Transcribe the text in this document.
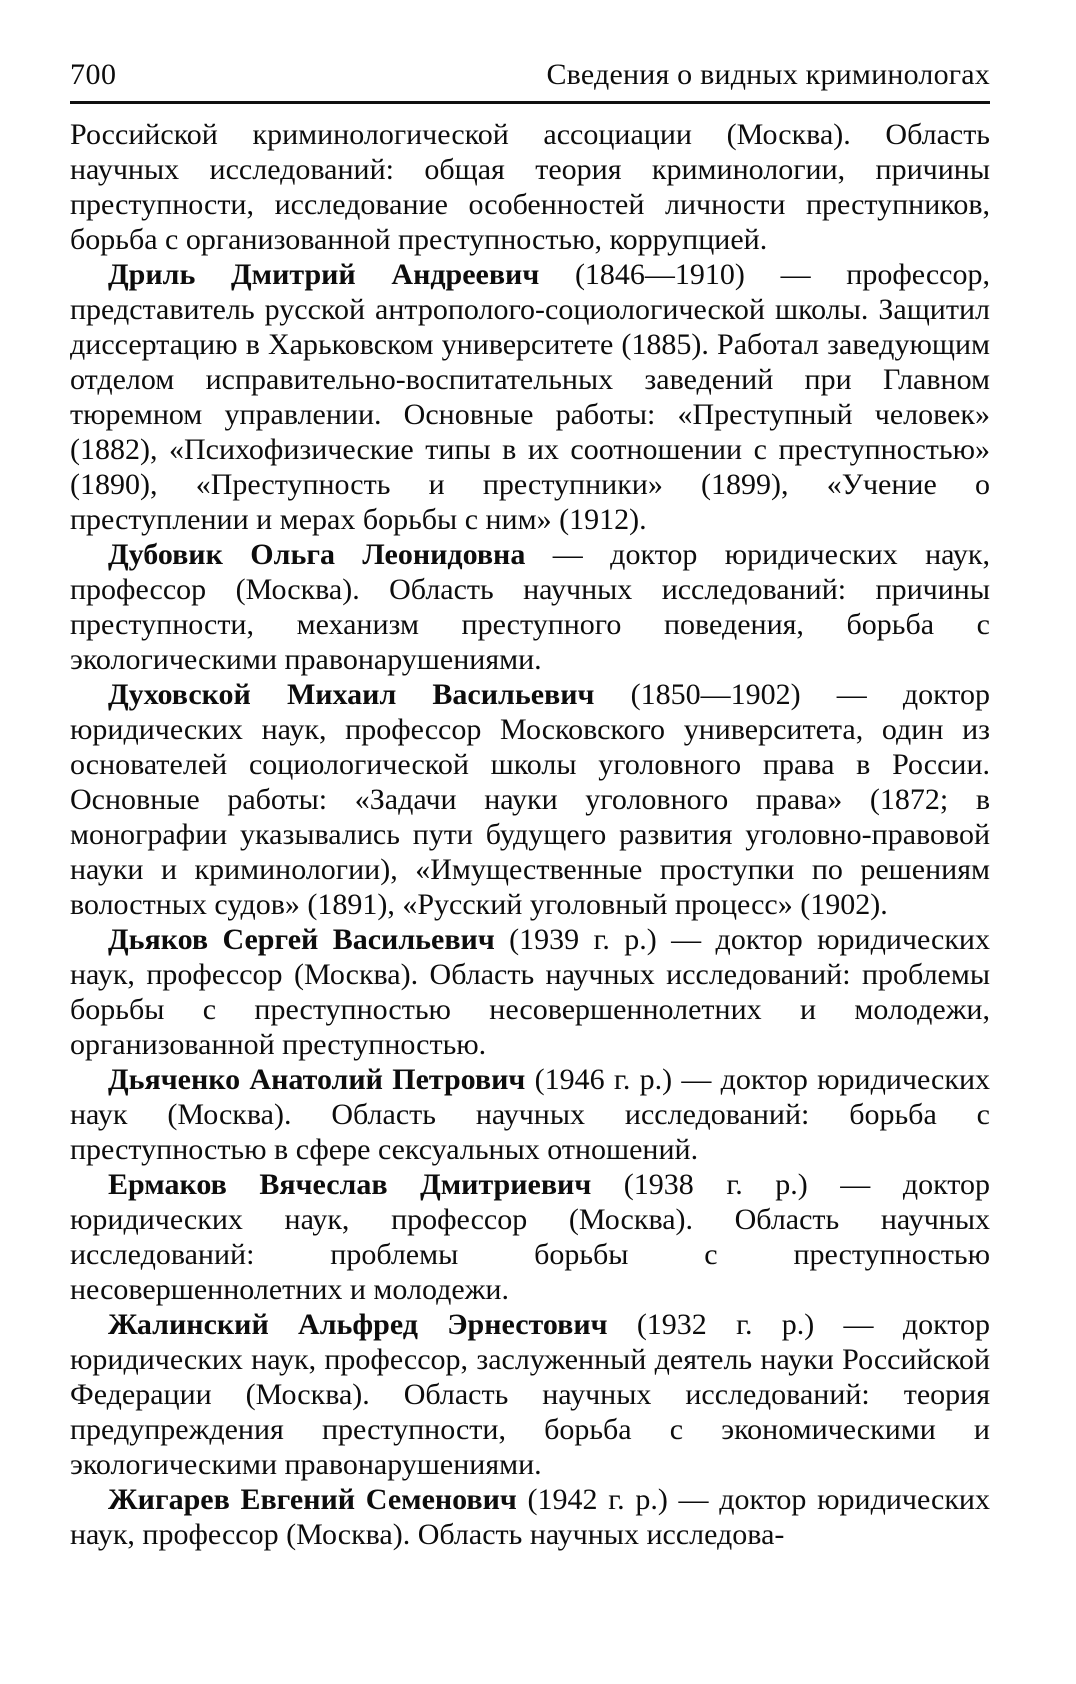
700	Сведения о видных криминологах

Российской криминологической ассоциации (Москва). Область научных исследований: общая теория криминологии, причины преступности, исследование особенностей личности преступников, борьба с организованной преступностью, коррупцией.

Дриль Дмитрий Андреевич (1846—1910) — профессор, представитель русской антрополого-социологической школы. Защитил диссертацию в Харьковском университете (1885). Работал заведующим отделом исправительно-воспитательных заведений при Главном тюремном управлении. Основные работы: «Преступный человек» (1882), «Психофизические типы в их соотношении с преступностью» (1890), «Преступность и преступники» (1899), «Учение о преступлении и мерах борьбы с ним» (1912).

Дубовик Ольга Леонидовна — доктор юридических наук, профессор (Москва). Область научных исследований: причины преступности, механизм преступного поведения, борьба с экологическими правонарушениями.

Духовской Михаил Васильевич (1850—1902) — доктор юридических наук, профессор Московского университета, один из основателей социологической школы уголовного права в России. Основные работы: «Задачи науки уголовного права» (1872; в монографии указывались пути будущего развития уголовно-правовой науки и криминологии), «Имущественные проступки по решениям волостных судов» (1891), «Русский уголовный процесс» (1902).

Дьяков Сергей Васильевич (1939 г. р.) — доктор юридических наук, профессор (Москва). Область научных исследований: проблемы борьбы с преступностью несовершеннолетних и молодежи, организованной преступностью.

Дьяченко Анатолий Петрович (1946 г. р.) — доктор юридических наук (Москва). Область научных исследований: борьба с преступностью в сфере сексуальных отношений.

Ермаков Вячеслав Дмитриевич (1938 г. р.) — доктор юридических наук, профессор (Москва). Область научных исследований: проблемы борьбы с преступностью несовершеннолетних и молодежи.

Жалинский Альфред Эрнестович (1932 г. р.) — доктор юридических наук, профессор, заслуженный деятель науки Российской Федерации (Москва). Область научных исследований: теория предупреждения преступности, борьба с экономическими и экологическими правонарушениями.

Жигарев Евгений Семенович (1942 г. р.) — доктор юридических наук, профессор (Москва). Область научных исследова-
